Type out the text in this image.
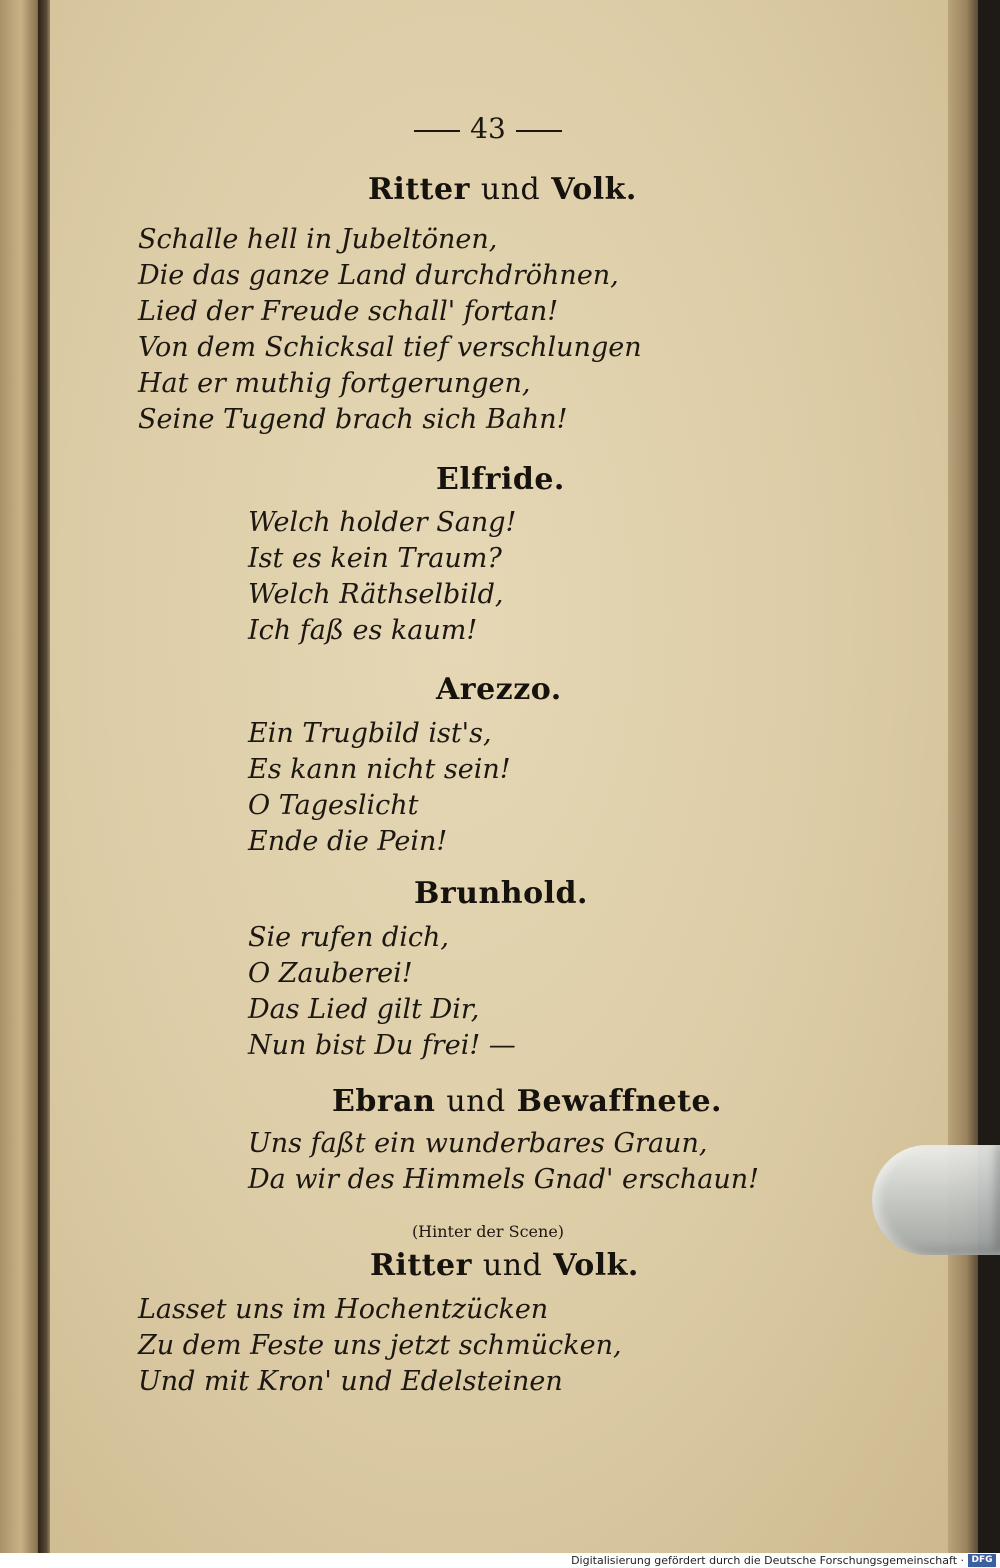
43
Ritter und Volk.
Schalle hell in Jubeltönen,
Die das ganze Land durchdröhnen,
Lied der Freude schall' fortan!
Von dem Schicksal tief verschlungen
Hat er muthig fortgerungen,
Seine Tugend brach sich Bahn!
Elfride.
Welch holder Sang!
Ist es kein Traum?
Welch Räthselbild,
Ich faß es kaum!
Arezzo.
Ein Trugbild ist's,
Es kann nicht sein!
O Tageslicht
Ende die Pein!
Brunhold.
Sie rufen dich,
O Zauberei!
Das Lied gilt Dir,
Nun bist Du frei! —
Ebran und Bewaffnete.
Uns faßt ein wunderbares Graun,
Da wir des Himmels Gnad' erschaun!
(Hinter der Scene)
Ritter und Volk.
Lasset uns im Hochentzücken
Zu dem Feste uns jetzt schmücken,
Und mit Kron' und Edelsteinen
Digitalisierung gefördert durch die Deutsche Forschungsgemeinschaft · DFG
